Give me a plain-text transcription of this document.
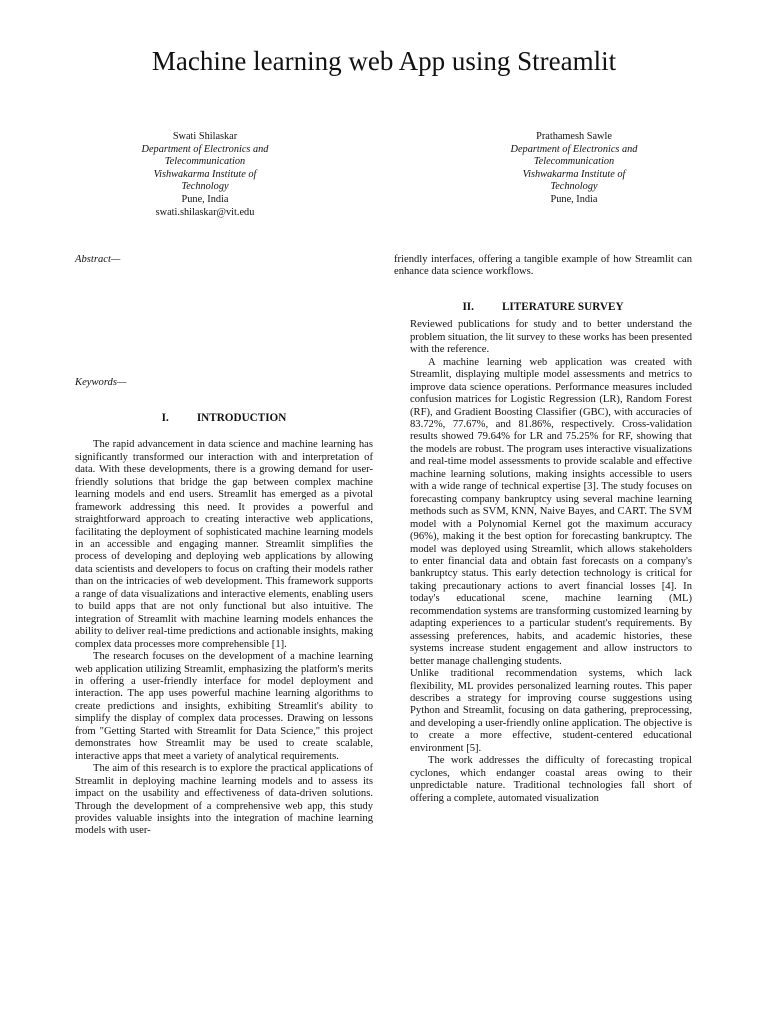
Machine learning web App using Streamlit
Swati Shilaskar
Department of Electronics and
Telecommunication
Vishwakarma Institute of
Technology
Pune, India
swati.shilaskar@vit.edu
Prathamesh Sawle
Department of Electronics and
Telecommunication
Vishwakarma Institute of
Technology
Pune, India

Abstract—

Keywords—

I.	INTRODUCTION

The rapid advancement in data science and machine learning has significantly transformed our interaction with and interpretation of data. With these developments, there is a growing demand for user-friendly solutions that bridge the gap between complex machine learning models and end users. Streamlit has emerged as a pivotal framework addressing this need. It provides a powerful and straightforward approach to creating interactive web applications, facilitating the deployment of sophisticated machine learning models in an accessible and engaging manner. Streamlit simplifies the process of developing and deploying web applications by allowing data scientists and developers to focus on crafting their models rather than on the intricacies of web development. This framework supports a range of data visualizations and interactive elements, enabling users to build apps that are not only functional but also intuitive. The integration of Streamlit with machine learning models enhances the ability to deliver real-time predictions and actionable insights, making complex data processes more comprehensible [1].

The research focuses on the development of a machine learning web application utilizing Streamlit, emphasizing the platform's merits in offering a user-friendly interface for model deployment and interaction. The app uses powerful machine learning algorithms to create predictions and insights, exhibiting Streamlit's ability to simplify the display of complex data processes. Drawing on lessons from "Getting Started with Streamlit for Data Science," this project demonstrates how Streamlit may be used to create scalable, interactive apps that meet a variety of analytical requirements.

The aim of this research is to explore the practical applications of Streamlit in deploying machine learning models and to assess its impact on the usability and effectiveness of data-driven solutions. Through the development of a comprehensive web app, this study provides valuable insights into the integration of machine learning models with user-

friendly interfaces, offering a tangible example of how Streamlit can enhance data science workflows.

II.	LITERATURE SURVEY

Reviewed publications for study and to better understand the problem situation, the lit survey to these works has been presented with the reference.

A machine learning web application was created with Streamlit, displaying multiple model assessments and metrics to improve data science operations. Performance measures included confusion matrices for Logistic Regression (LR), Random Forest (RF), and Gradient Boosting Classifier (GBC), with accuracies of 83.72%, 77.67%, and 81.86%, respectively. Cross-validation results showed 79.64% for LR and 75.25% for RF, showing that the models are robust. The program uses interactive visualizations and real-time model assessments to provide scalable and effective machine learning solutions, making insights accessible to users with a wide range of technical expertise [3]. The study focuses on forecasting company bankruptcy using several machine learning methods such as SVM, KNN, Naive Bayes, and CART. The SVM model with a Polynomial Kernel got the maximum accuracy (96%), making it the best option for forecasting bankruptcy. The model was deployed using Streamlit, which allows stakeholders to enter financial data and obtain fast forecasts on a company's bankruptcy status. This early detection technology is critical for taking precautionary actions to avert financial losses [4]. In today's educational scene, machine learning (ML) recommendation systems are transforming customized learning by adapting experiences to a particular student's requirements. By assessing preferences, habits, and academic histories, these systems increase student engagement and allow instructors to better manage challenging students.

Unlike traditional recommendation systems, which lack flexibility, ML provides personalized learning routes. This paper describes a strategy for improving course suggestions using Python and Streamlit, focusing on data gathering, preprocessing, and developing a user-friendly online application. The objective is to create a more effective, student-centered educational environment [5].

The work addresses the difficulty of forecasting tropical cyclones, which endanger coastal areas owing to their unpredictable nature. Traditional technologies fall short of offering a complete, automated visualization
